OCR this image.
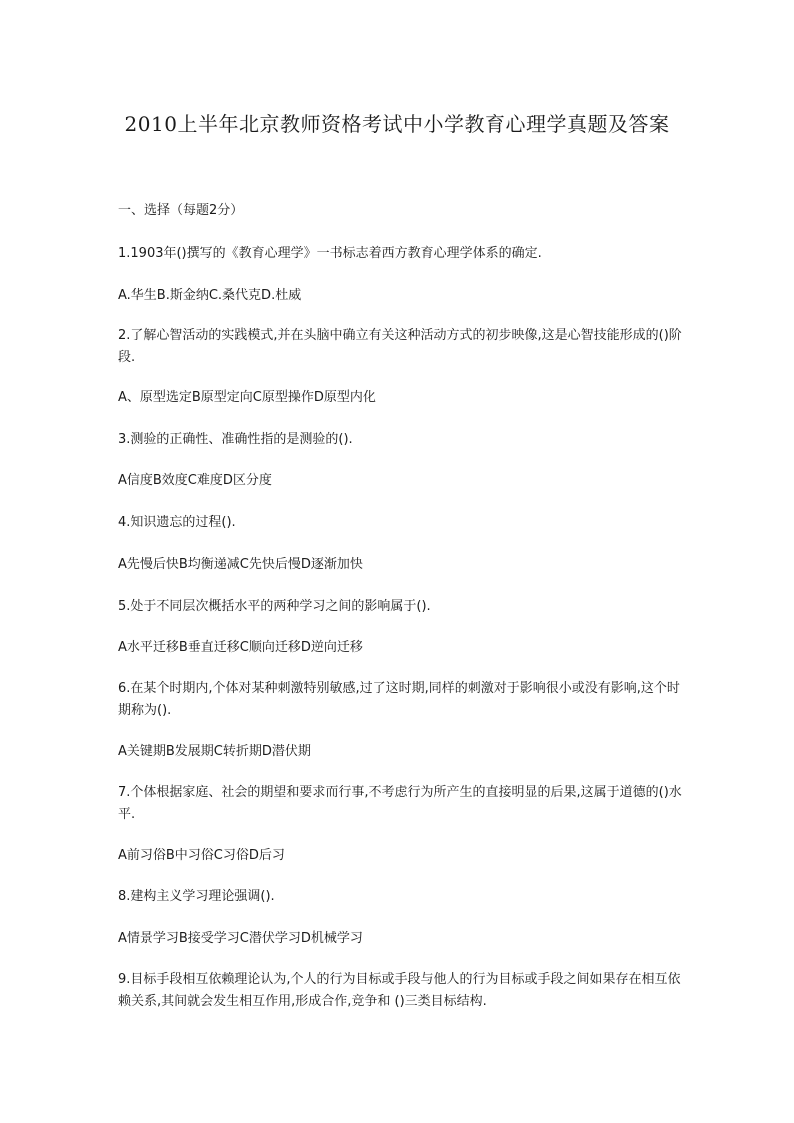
2010上半年北京教师资格考试中小学教育心理学真题及答案
一、选择（每题2分）
1.1903年()撰写的《教育心理学》一书标志着西方教育心理学体系的确定.
A.华生B.斯金纳C.桑代克D.杜威
2.了解心智活动的实践模式,并在头脑中确立有关这种活动方式的初步映像,这是心智技能形成的()阶段.
A、原型选定B原型定向C原型操作D原型内化
3.测验的正确性、准确性指的是测验的().
A信度B效度C难度D区分度
4.知识遗忘的过程().
A先慢后快B均衡递减C先快后慢D逐渐加快
5.处于不同层次概括水平的两种学习之间的影响属于().
A水平迁移B垂直迁移C顺向迁移D逆向迁移
6.在某个时期内,个体对某种刺激特别敏感,过了这时期,同样的刺激对于影响很小或没有影响,这个时期称为().
A关键期B发展期C转折期D潜伏期
7.个体根据家庭、社会的期望和要求而行事,不考虑行为所产生的直接明显的后果,这属于道德的()水平.
A前习俗B中习俗C习俗D后习
8.建构主义学习理论强调().
A情景学习B接受学习C潜伏学习D机械学习
9.目标手段相互依赖理论认为,个人的行为目标或手段与他人的行为目标或手段之间如果存在相互依赖关系,其间就会发生相互作用,形成合作,竞争和 ()三类目标结构.
